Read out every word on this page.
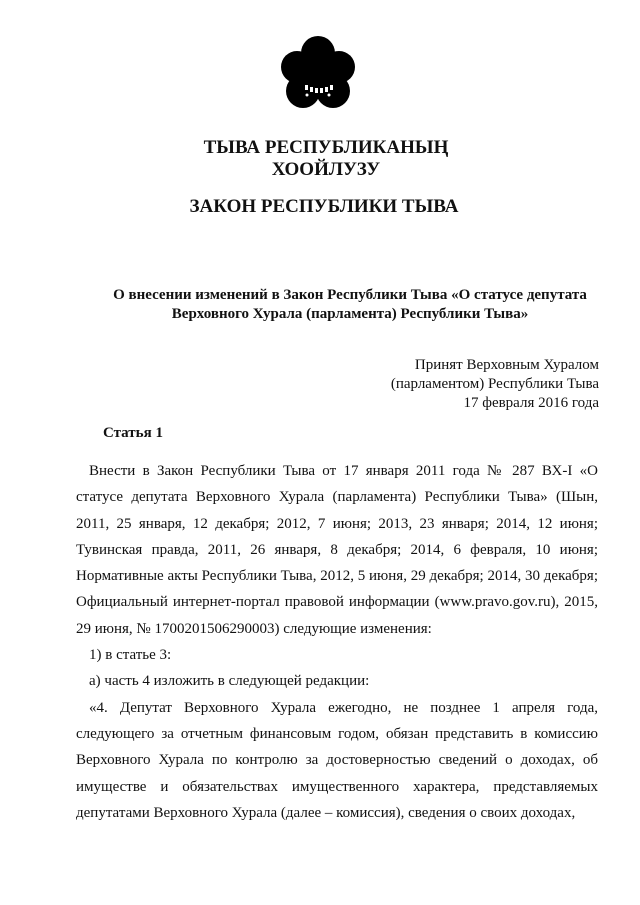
ТЫВА РЕСПУБЛИКАНЫҢ
ХООЙЛУЗУ
ЗАКОН РЕСПУБЛИКИ ТЫВА
О внесении изменений в Закон Республики Тыва «О статусе депутата
Верховного Хурала (парламента) Республики Тыва»
Принят Верховным Хуралом
(парламентом) Республики Тыва
17 февраля 2016 года
Статья 1

Внести в Закон Республики Тыва от 17 января 2011 года № 287 ВХ-I «О статусе депутата Верховного Хурала (парламента) Республики Тыва» (Шын, 2011, 25 января, 12 декабря; 2012, 7 июня; 2013, 23 января; 2014, 12 июня; Тувинская правда, 2011, 26 января, 8 декабря; 2014, 6 февраля, 10 июня; Нормативные акты Республики Тыва, 2012, 5 июня, 29 декабря; 2014, 30 декабря; Официальный интернет-портал правовой информации (www.pravo.gov.ru), 2015, 29 июня, № 1700201506290003) следующие изменения:

1) в статье 3:

а) часть 4 изложить в следующей редакции:

«4. Депутат Верховного Хурала ежегодно, не позднее 1 апреля года, следующего за отчетным финансовым годом, обязан представить в комиссию Верховного Хурала по контролю за достоверностью сведений о доходах, об имуществе и обязательствах имущественного характера, представляемых депутатами Верховного Хурала (далее – комиссия), сведения о своих доходах,
